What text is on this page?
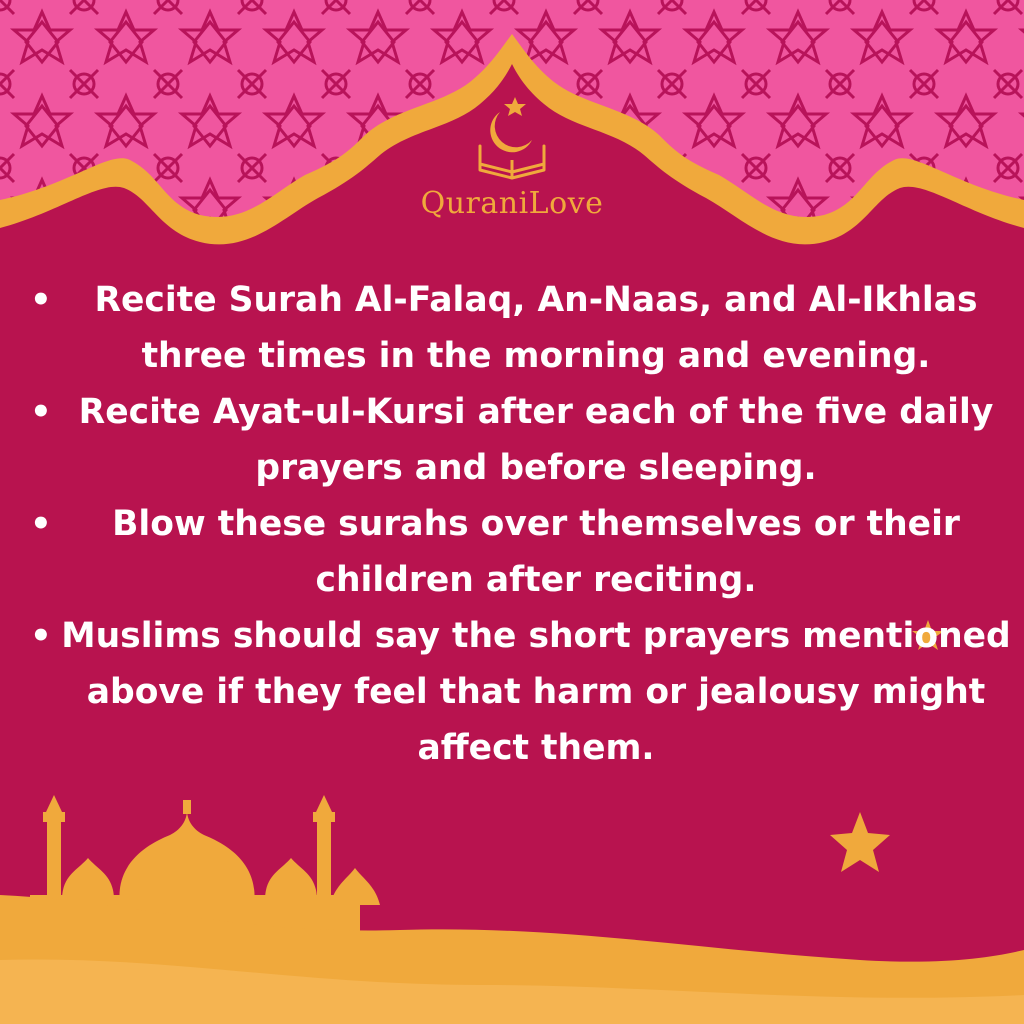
QuraniLove
•	Recite Surah Al-Falaq, An-Naas, and Al-Ikhlas three times in the morning and evening.
• Recite Ayat-ul-Kursi after each of the five daily prayers and before sleeping.
•	Blow these surahs over themselves or their children after reciting.
• Muslims should say the short prayers mentioned above if they feel that harm or jealousy might affect them.
